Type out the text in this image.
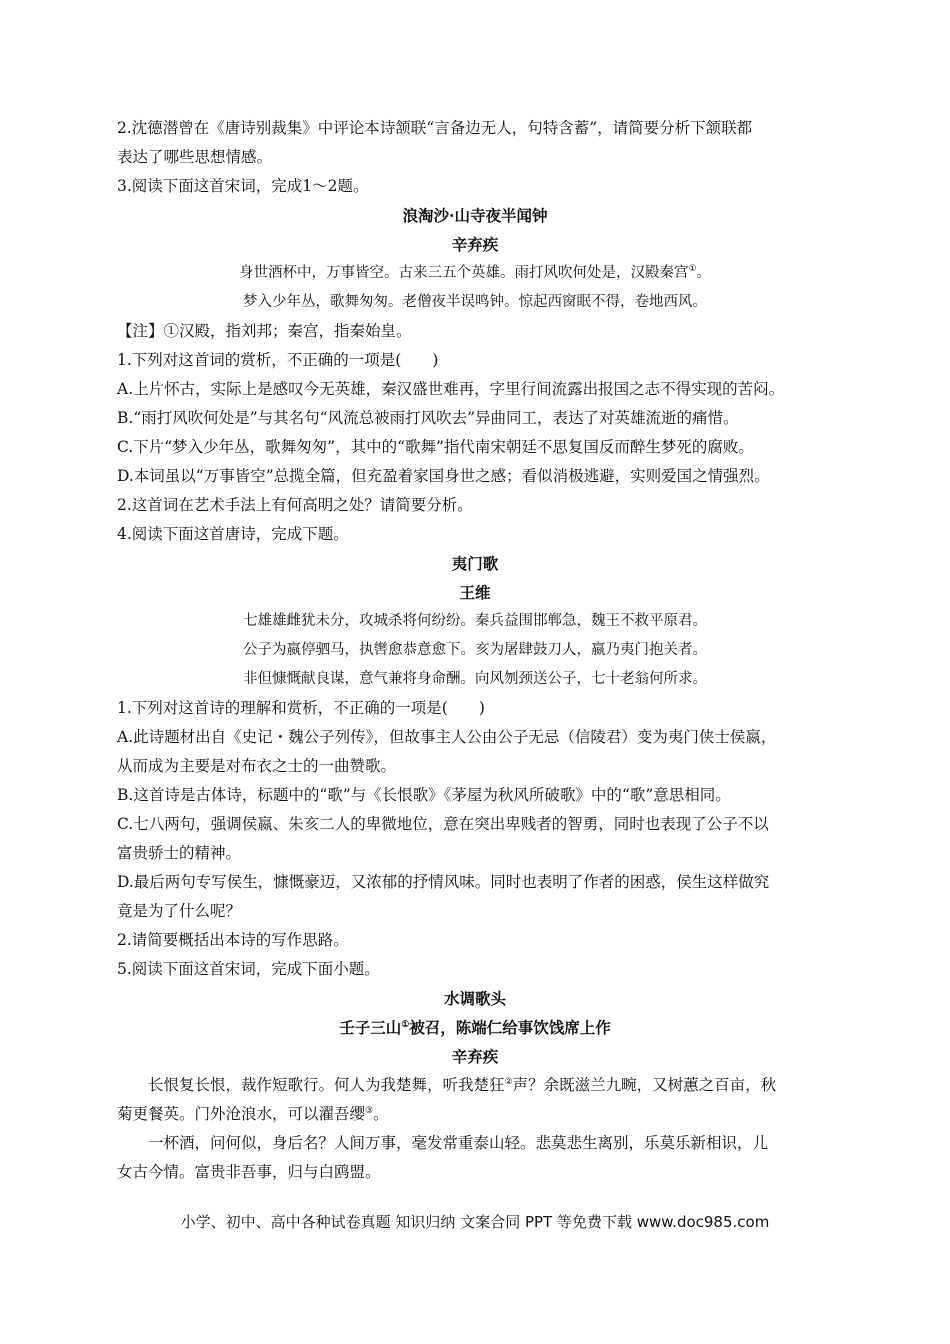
2.沈德潜曾在《唐诗别裁集》中评论本诗颔联“言备边无人，句特含蓄”，请简要分析下颔联都

表达了哪些思想情感。

3.阅读下面这首宋词，完成1～2题。

浪淘沙·山寺夜半闻钟

辛弃疾

身世酒杯中，万事皆空。古来三五个英雄。雨打风吹何处是，汉殿秦宫①。

梦入少年丛，歌舞匆匆。老僧夜半误鸣钟。惊起西窗眠不得，卷地西风。

【注】①汉殿，指刘邦；秦宫，指秦始皇。

1.下列对这首词的赏析，不正确的一项是(　　)

A.上片怀古，实际上是感叹今无英雄，秦汉盛世难再，字里行间流露出报国之志不得实现的苦闷。

B.“雨打风吹何处是”与其名句“风流总被雨打风吹去”异曲同工，表达了对英雄流逝的痛惜。

C.下片“梦入少年丛，歌舞匆匆”，其中的“歌舞”指代南宋朝廷不思复国反而醉生梦死的腐败。

D.本词虽以“万事皆空”总揽全篇，但充盈着家国身世之感；看似消极逃避，实则爱国之情强烈。

2.这首词在艺术手法上有何高明之处？请简要分析。

4.阅读下面这首唐诗，完成下题。

夷门歌

王维

七雄雄雌犹未分，攻城杀将何纷纷。秦兵益围邯郸急，魏王不救平原君。

公子为嬴停驷马，执辔愈恭意愈下。亥为屠肆鼓刀人，嬴乃夷门抱关者。

非但慷慨献良谋，意气兼将身命酬。向风刎颈送公子，七十老翁何所求。

1.下列对这首诗的理解和赏析，不正确的一项是(　　)

A.此诗题材出自《史记・魏公子列传》，但故事主人公由公子无忌（信陵君）变为夷门侠士侯嬴，

从而成为主要是对布衣之士的一曲赞歌。

B.这首诗是古体诗，标题中的“歌”与《长恨歌》《茅屋为秋风所破歌》中的“歌”意思相同。

C.七八两句，强调侯嬴、朱亥二人的卑微地位，意在突出卑贱者的智勇，同时也表现了公子不以

富贵骄士的精神。

D.最后两句专写侯生，慷慨豪迈，又浓郁的抒情风味。同时也表明了作者的困惑，侯生这样做究

竟是为了什么呢？

2.请简要概括出本诗的写作思路。

5.阅读下面这首宋词，完成下面小题。

水调歌头

壬子三山①被召，陈端仁给事饮饯席上作

辛弃疾

长恨复长恨，裁作短歌行。何人为我楚舞，听我楚狂②声？余既滋兰九畹，又树蕙之百亩，秋
菊更餐英。门外沧浪水，可以濯吾缨③。

一杯酒，问何似，身后名？人间万事，毫发常重泰山轻。悲莫悲生离别，乐莫乐新相识，儿
女古今情。富贵非吾事，归与白鸥盟。

小学、初中、高中各种试卷真题 知识归纳 文案合同 PPT 等免费下载 www.doc985.com
